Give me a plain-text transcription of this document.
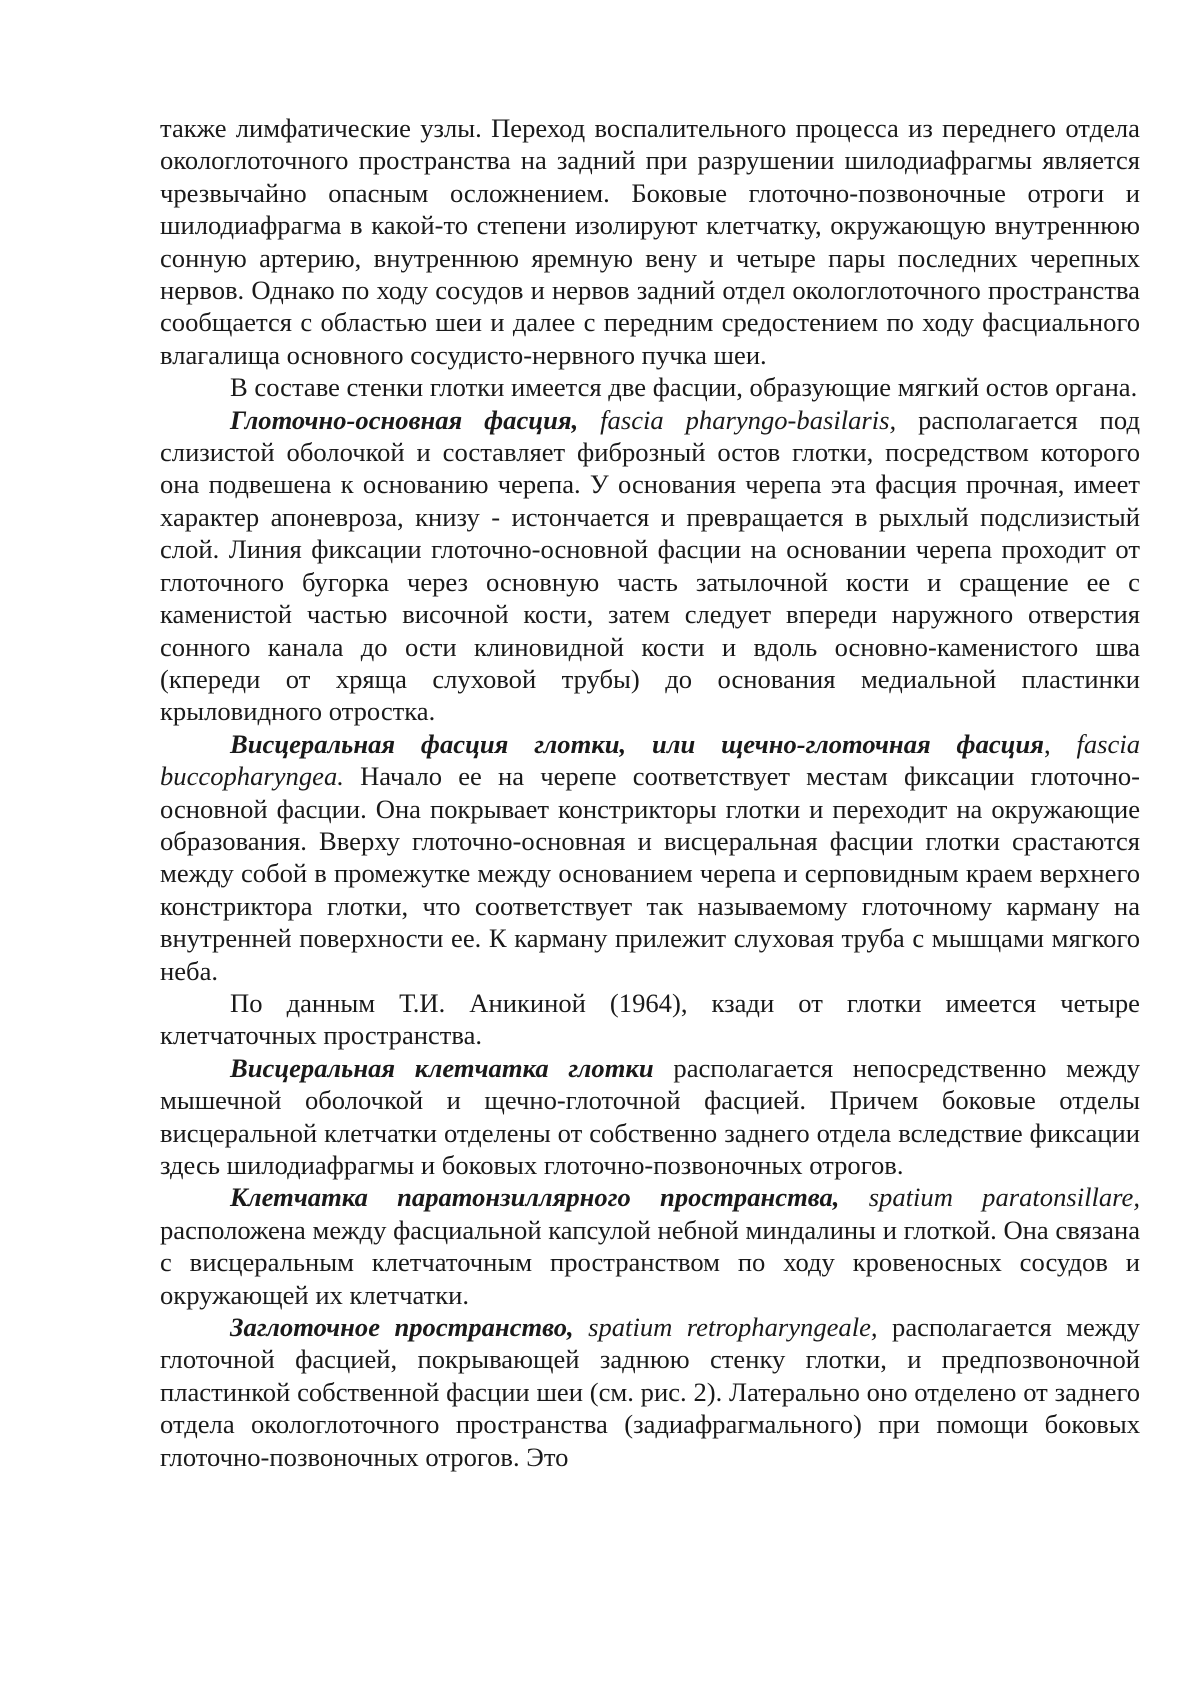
также лимфатические узлы. Переход воспалительного процесса из переднего отдела окологлоточного пространства на задний при разрушении шилодиафрагмы является чрезвычайно опасным осложнением. Боковые глоточно-позвоночные отроги и шилодиафрагма в какой-то степени изолируют клетчатку, окружающую внутреннюю сонную артерию, внутреннюю яремную вену и четыре пары последних черепных нервов. Однако по ходу сосудов и нервов задний отдел окологлоточного пространства сообщается с областью шеи и далее с передним средостением по ходу фасциального влагалища основного сосудисто-нервного пучка шеи.

В составе стенки глотки имеется две фасции, образующие мягкий остов органа.

Глоточно-основная фасция, fascia pharyngo-basilaris, располагается под слизистой оболочкой и составляет фиброзный остов глотки, посредством которого она подвешена к основанию черепа. У основания черепа эта фасция прочная, имеет характер апоневроза, книзу - истончается и превращается в рыхлый подслизистый слой. Линия фиксации глоточно-основной фасции на основании черепа проходит от глоточного бугорка через основную часть затылочной кости и сращение ее с каменистой частью височной кости, затем следует впереди наружного отверстия сонного канала до ости клиновидной кости и вдоль основно-каменистого шва (кпереди от хряща слуховой трубы) до основания медиальной пластинки крыловидного отростка.

Висцеральная фасция глотки, или щечно-глоточная фасция, fascia buccopharyngea. Начало ее на черепе соответствует местам фиксации глоточно-основной фасции. Она покрывает констрикторы глотки и переходит на окружающие образования. Вверху глоточно-основная и висцеральная фасции глотки срастаются между собой в промежутке между основанием черепа и серповидным краем верхнего констриктора глотки, что соответствует так называемому глоточному карману на внутренней поверхности ее. К карману прилежит слуховая труба с мышцами мягкого неба.

По данным Т.И. Аникиной (1964), кзади от глотки имеется четыре клетчаточных пространства.

Висцеральная клетчатка глотки располагается непосредственно между мышечной оболочкой и щечно-глоточной фасцией. Причем боковые отделы висцеральной клетчатки отделены от собственно заднего отдела вследствие фиксации здесь шилодиафрагмы и боковых глоточно-позвоночных отрогов.

Клетчатка паратонзиллярного пространства, spatium paratonsillare, расположена между фасциальной капсулой небной миндалины и глоткой. Она связана с висцеральным клетчаточным пространством по ходу кровеносных сосудов и окружающей их клетчатки.

Заглоточное пространство, spatium retropharyngeale, располагается между глоточной фасцией, покрывающей заднюю стенку глотки, и предпозвоночной пластинкой собственной фасции шеи (см. рис. 2). Латерально оно отделено от заднего отдела окологлоточного пространства (задиафрагмального) при помощи боковых глоточно-позвоночных отрогов. Это
